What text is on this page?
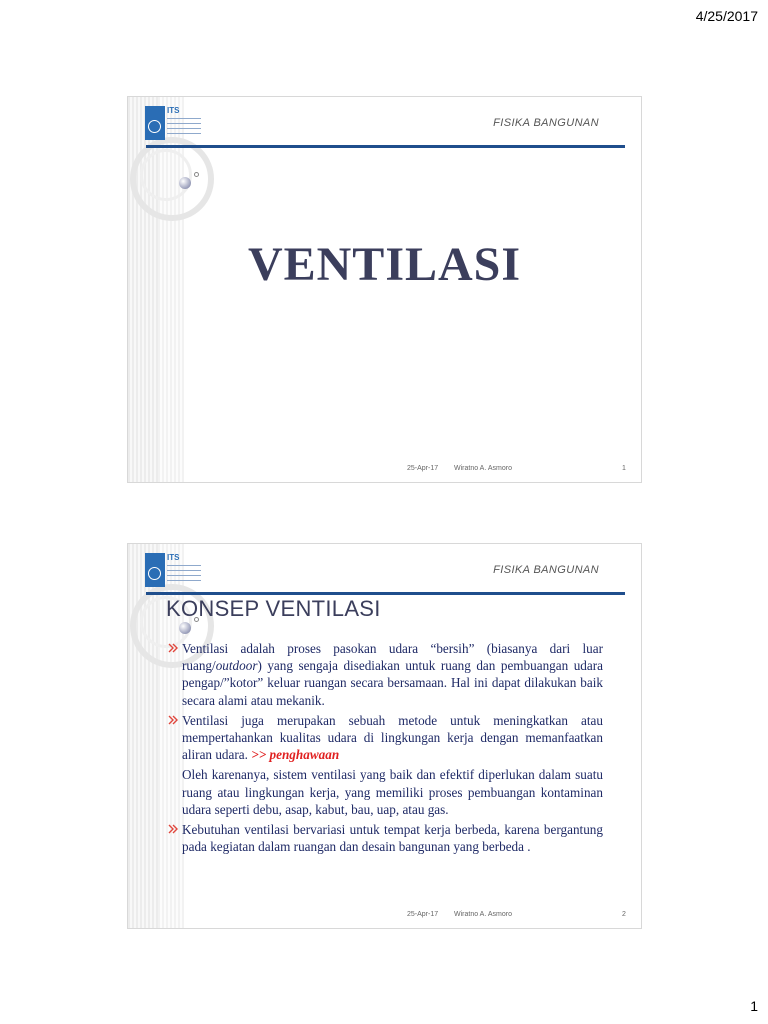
4/25/2017
ITS
FISIKA BANGUNAN
VENTILASI
25-Apr-17 Wiratno A. Asmoro	1
ITS
FISIKA BANGUNAN
KONSEP VENTILASI
Ventilasi adalah proses pasokan udara “bersih” (biasanya dari luar ruang/outdoor) yang sengaja disediakan untuk ruang dan pembuangan udara pengap/”kotor” keluar ruangan secara bersamaan. Hal ini dapat dilakukan baik secara alami atau mekanik.
Ventilasi juga merupakan sebuah metode untuk meningkatkan atau mempertahankan kualitas udara di lingkungan kerja dengan memanfaatkan aliran udara. >> penghawaan
Oleh karenanya, sistem ventilasi yang baik dan efektif diperlukan dalam suatu ruang atau lingkungan kerja, yang memiliki proses pembuangan kontaminan udara seperti debu, asap, kabut, bau, uap, atau gas.
Kebutuhan ventilasi bervariasi untuk tempat kerja berbeda, karena bergantung pada kegiatan dalam ruangan dan desain bangunan yang berbeda .
25-Apr-17 Wiratno A. Asmoro	2
1
